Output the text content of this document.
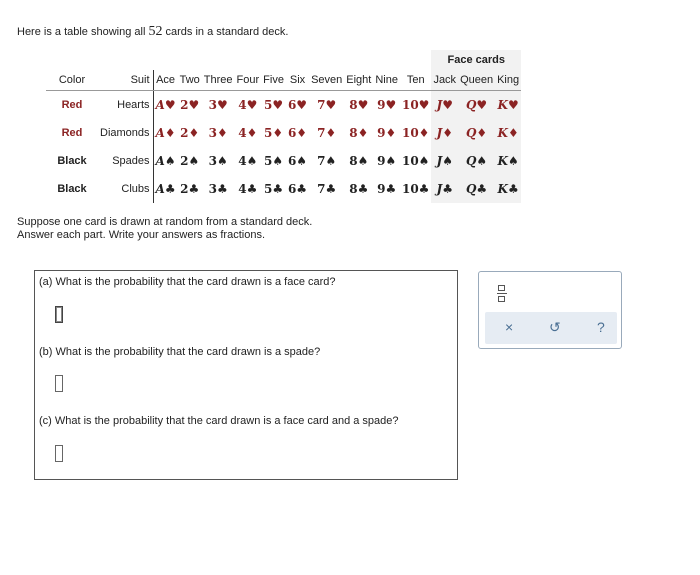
Here is a table showing all 52 cards in a standard deck.
												Face cards		
Color	Suit	Ace	Two	Three	Four	Five	Six	Seven	Eight	Nine	Ten	Jack	Queen	King
Red	Hearts	A♥	2♥	3♥	4♥	5♥	6♥	7♥	8♥	9♥	10♥	J♥	Q♥	K♥
Red	Diamonds	A♦	2♦	3♦	4♦	5♦	6♦	7♦	8♦	9♦	10♦	J♦	Q♦	K♦
Black	Spades	A♠	2♠	3♠	4♠	5♠	6♠	7♠	8♠	9♠	10♠	J♠	Q♠	K♠
Black	Clubs	A♣	2♣	3♣	4♣	5♣	6♣	7♣	8♣	9♣	10♣	J♣	Q♣	K♣
Suppose one card is drawn at random from a standard deck.
Answer each part. Write your answers as fractions.
(a) What is the probability that the card drawn is a face card?
(b) What is the probability that the card drawn is a spade?
(c) What is the probability that the card drawn is a face card and a spade?
×	↺	?
